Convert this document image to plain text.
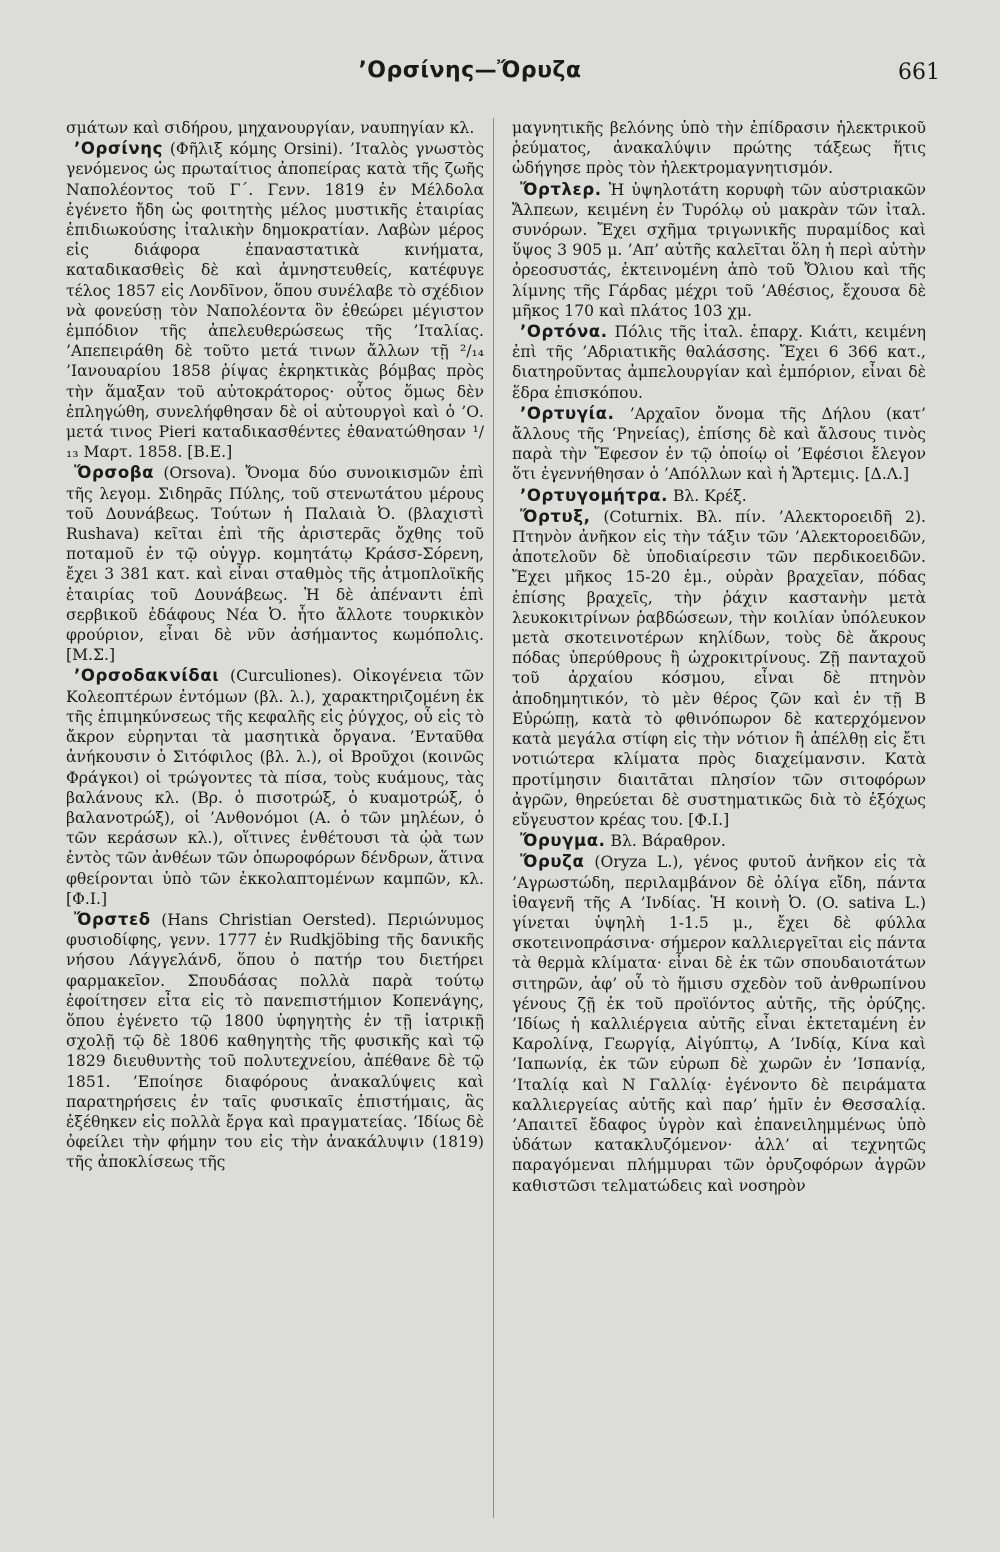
’Ορσίνης—Ὄρυζα	661

σμάτων καὶ σιδήρου, μηχανουργίαν, ναυπηγίαν κλ.

’Ορσίνης (Φῆλιξ κόμης Orsini). ’Ιταλὸς γνωστὸς γενόμενος ὡς πρωταίτιος ἀποπείρας κατὰ τῆς ζωῆς Ναπολέοντος τοῦ Γ΄. Γενν. 1819 ἐν Μέλδολα ἐγένετο ἤδη ὡς φοιτητὴς μέλος μυστικῆς ἑταιρίας ἐπιδιωκούσης ἰταλικὴν δημοκρατίαν. Λαβὼν μέρος εἰς διάφορα ἐπαναστατικὰ κινήματα, καταδικασθεὶς δὲ καὶ ἀμνηστευθείς, κατέφυγε τέλος 1857 εἰς Λονδῖνον, ὅπου συνέλαβε τὸ σχέδιον νὰ φονεύσῃ τὸν Ναπολέοντα ὃν ἐθεώρει μέγιστον ἐμπόδιον τῆς ἀπελευθερώσεως τῆς ’Ιταλίας. ’Απεπειράθη δὲ τοῦτο μετά τινων ἄλλων τῇ ²/₁₄ ’Ιανουαρίου 1858 ῥίψας ἐκρηκτικὰς βόμβας πρὸς τὴν ἅμαξαν τοῦ αὐτοκράτορος· οὗτος ὅμως δὲν ἐπληγώθη, συνελήφθησαν δὲ οἱ αὐτουργοὶ καὶ ὁ ’Ο. μετά τινος Pieri καταδικασθέντες ἐθανατώθησαν ¹/₁₃ Μαρτ. 1858. [Β.Ε.]

Ὄρσοβα (Orsova). Ὄνομα δύο συνοικισμῶν ἐπὶ τῆς λεγομ. Σιδηρᾶς Πύλης, τοῦ στενωτάτου μέρους τοῦ Δουνάβεως. Τούτων ἡ Παλαιὰ Ὀ. (βλαχιστὶ Rushava) κεῖται ἐπὶ τῆς ἀριστερᾶς ὄχθης τοῦ ποταμοῦ ἐν τῷ οὑγγρ. κομητάτῳ Κράσσ-Σόρενη, ἔχει 3 381 κατ. καὶ εἶναι σταθμὸς τῆς ἀτμοπλοϊκῆς ἑταιρίας τοῦ Δουνάβεως. Ἡ δὲ ἀπέναντι ἐπὶ σερβικοῦ ἐδάφους Νέα Ὀ. ἦτο ἄλλοτε τουρκικὸν φρούριον, εἶναι δὲ νῦν ἀσήμαντος κωμόπολις. [Μ.Σ.]

’Ορσοδακνίδαι (Curculiones). Οἰκογένεια τῶν Κολεοπτέρων ἐντόμων (βλ. λ.), χαρακτηριζομένη ἐκ τῆς ἐπιμηκύνσεως τῆς κεφαλῆς εἰς ῥύγχος, οὗ εἰς τὸ ἄκρον εὑρηνται τὰ μασητικὰ ὄργανα. ’Ενταῦθα ἀνήκουσιν ὁ Σιτόφιλος (βλ. λ.), οἱ Βροῦχοι (κοινῶς Φράγκοι) οἱ τρώγοντες τὰ πίσα, τοὺς κυάμους, τὰς βαλάνους κλ. (Βρ. ὁ πισοτρώξ, ὁ κυαμοτρώξ, ὁ βαλανοτρώξ), οἱ ’Ανθονόμοι (Α. ὁ τῶν μηλέων, ὁ τῶν κεράσων κλ.), οἵτινες ἐνθέτουσι τὰ ᾠὰ των ἐντὸς τῶν ἀνθέων τῶν ὀπωροφόρων δένδρων, ἅτινα φθείρονται ὑπὸ τῶν ἐκκολαπτομένων καμπῶν, κλ. [Φ.Ι.]

Ὄρστεδ (Hans Christian Oersted). Περιώνυμος φυσιοδίφης, γενν. 1777 ἐν Rudkjöbing τῆς δανικῆς νήσου Λάγγελάνδ, ὅπου ὁ πατήρ του διετήρει φαρμακεῖον. Σπουδάσας πολλὰ παρὰ τούτῳ ἐφοίτησεν εἶτα εἰς τὸ πανεπιστήμιον Κοπενάγης, ὅπου ἐγένετο τῷ 1800 ὑφηγητὴς ἐν τῇ ἰατρικῇ σχολῇ τῷ δὲ 1806 καθηγητὴς τῆς φυσικῆς καὶ τῷ 1829 διευθυντὴς τοῦ πολυτεχνείου, ἀπέθανε δὲ τῷ 1851. ’Εποίησε διαφόρους ἀνακαλύψεις καὶ παρατηρήσεις ἐν ταῖς φυσικαῖς ἐπιστήμαις, ἃς ἐξέθηκεν εἰς πολλὰ ἔργα καὶ πραγματείας. ’Ιδίως δὲ ὀφείλει τὴν φήμην του εἰς τὴν ἀνακάλυψιν (1819) τῆς ἀποκλίσεως τῆς

μαγνητικῆς βελόνης ὑπὸ τὴν ἐπίδρασιν ἠλεκτρικοῦ ῥεύματος, ἀνακαλύψιν πρώτης τάξεως ἥτις ὡδήγησε πρὸς τὸν ἠλεκτρομαγνητισμόν.

Ὄρτλερ. Ἡ ὑψηλοτάτη κορυφὴ τῶν αὐστριακῶν Ἄλπεων, κειμένη ἐν Τυρόλῳ οὐ μακρὰν τῶν ἰταλ. συνόρων. Ἔχει σχῆμα τριγωνικῆς πυραμίδος καὶ ὕψος 3 905 μ. ’Απ’ αὐτῆς καλεῖται ὅλη ἡ περὶ αὐτὴν ὀρεοσυστάς, ἐκτεινομένη ἀπὸ τοῦ Ὄλιου καὶ τῆς λίμνης τῆς Γάρδας μέχρι τοῦ ’Αθέσιος, ἔχουσα δὲ μῆκος 170 καὶ πλάτος 103 χμ.

’Ορτόνα. Πόλις τῆς ἰταλ. ἐπαρχ. Κιάτι, κειμένη ἐπὶ τῆς ’Αδριατικῆς θαλάσσης. Ἔχει 6 366 κατ., διατηροῦντας ἀμπελουργίαν καὶ ἐμπόριον, εἶναι δὲ ἕδρα ἐπισκόπου.

’Ορτυγία. ’Αρχαῖον ὄνομα τῆς Δήλου (κατ’ ἄλλους τῆς ‘Ρηνείας), ἐπίσης δὲ καὶ ἄλσους τινὸς παρὰ τὴν Ἔφεσον ἐν τῷ ὁποίῳ οἱ ’Εφέσιοι ἔλεγον ὅτι ἐγεννήθησαν ὁ ’Απόλλων καὶ ἡ Ἄρτεμις. [Δ.Λ.]

’Ορτυγομήτρα. Βλ. Κρέξ.

Ὄρτυξ, (Coturnix. Βλ. πίν. ’Αλεκτοροειδῆ 2). Πτηνὸν ἀνῆκον εἰς τὴν τάξιν τῶν ’Αλεκτοροειδῶν, ἀποτελοῦν δὲ ὑποδιαίρεσιν τῶν περδικοειδῶν. Ἔχει μῆκος 15-20 ἑμ., οὐρὰν βραχεῖαν, πόδας ἐπίσης βραχεῖς, τὴν ῥάχιν καστανὴν μετὰ λευκοκιτρίνων ῥαβδώσεων, τὴν κοιλίαν ὑπόλευκον μετὰ σκοτεινοτέρων κηλίδων, τοὺς δὲ ἄκρους πόδας ὑπερύθρους ἢ ὠχροκιτρίνους. Ζῇ πανταχοῦ τοῦ ἀρχαίου κόσμου, εἶναι δὲ πτηνὸν ἀποδημητικόν, τὸ μὲν θέρος ζῶν καὶ ἐν τῇ Β Εὐρώπῃ, κατὰ τὸ φθινόπωρον δὲ κατερχόμενον κατὰ μεγάλα στίφη εἰς τὴν νότιον ἢ ἀπέλθῃ εἰς ἔτι νοτιώτερα κλίματα πρὸς διαχείμανσιν. Κατὰ προτίμησιν διαιτᾶται πλησίον τῶν σιτοφόρων ἀγρῶν, θηρεύεται δὲ συστηματικῶς διὰ τὸ ἐξόχως εὔγευστον κρέας του. [Φ.Ι.]

Ὄρυγμα. Βλ. Βάραθρον.

Ὄρυζα (Oryza L.), γένος φυτοῦ ἀνῆκον εἰς τὰ ’Αγρωστώδη, περιλαμβάνον δὲ ὀλίγα εἴδη, πάντα ἰθαγενῆ τῆς Α ’Ινδίας. Ἡ κοινὴ Ὀ. (O. sativa L.) γίνεται ὑψηλὴ 1-1.5 μ., ἔχει δὲ φύλλα σκοτεινοπράσινα· σήμερον καλλιεργεῖται εἰς πάντα τὰ θερμὰ κλίματα· εἶναι δὲ ἐκ τῶν σπουδαιοτάτων σιτηρῶν, ἀφ’ οὗ τὸ ἥμισυ σχεδὸν τοῦ ἀνθρωπίνου γένους ζῇ ἐκ τοῦ προϊόντος αὐτῆς, τῆς ὀρύζης. ’Ιδίως ἡ καλλιέργεια αὐτῆς εἶναι ἐκτεταμένη ἐν Καρολίνᾳ, Γεωργίᾳ, Αἰγύπτῳ, Α ’Ινδίᾳ, Κίνα καὶ ’Ιαπωνίᾳ, ἐκ τῶν εὐρωπ δὲ χωρῶν ἐν ’Ισπανίᾳ, ’Ιταλίᾳ καὶ Ν Γαλλίᾳ· ἐγένοντο δὲ πειράματα καλλιεργείας αὐτῆς καὶ παρ’ ἡμῖν ἐν Θεσσαλίᾳ. ’Απαιτεῖ ἔδαφος ὑγρὸν καὶ ἐπανειλημμένως ὑπὸ ὑδάτων κατακλυζόμενον· ἀλλ’ αἱ τεχνητῶς παραγόμεναι πλήμμυραι τῶν ὀρυζοφόρων ἀγρῶν καθιστῶσι τελματώδεις καὶ νοσηρὸν
